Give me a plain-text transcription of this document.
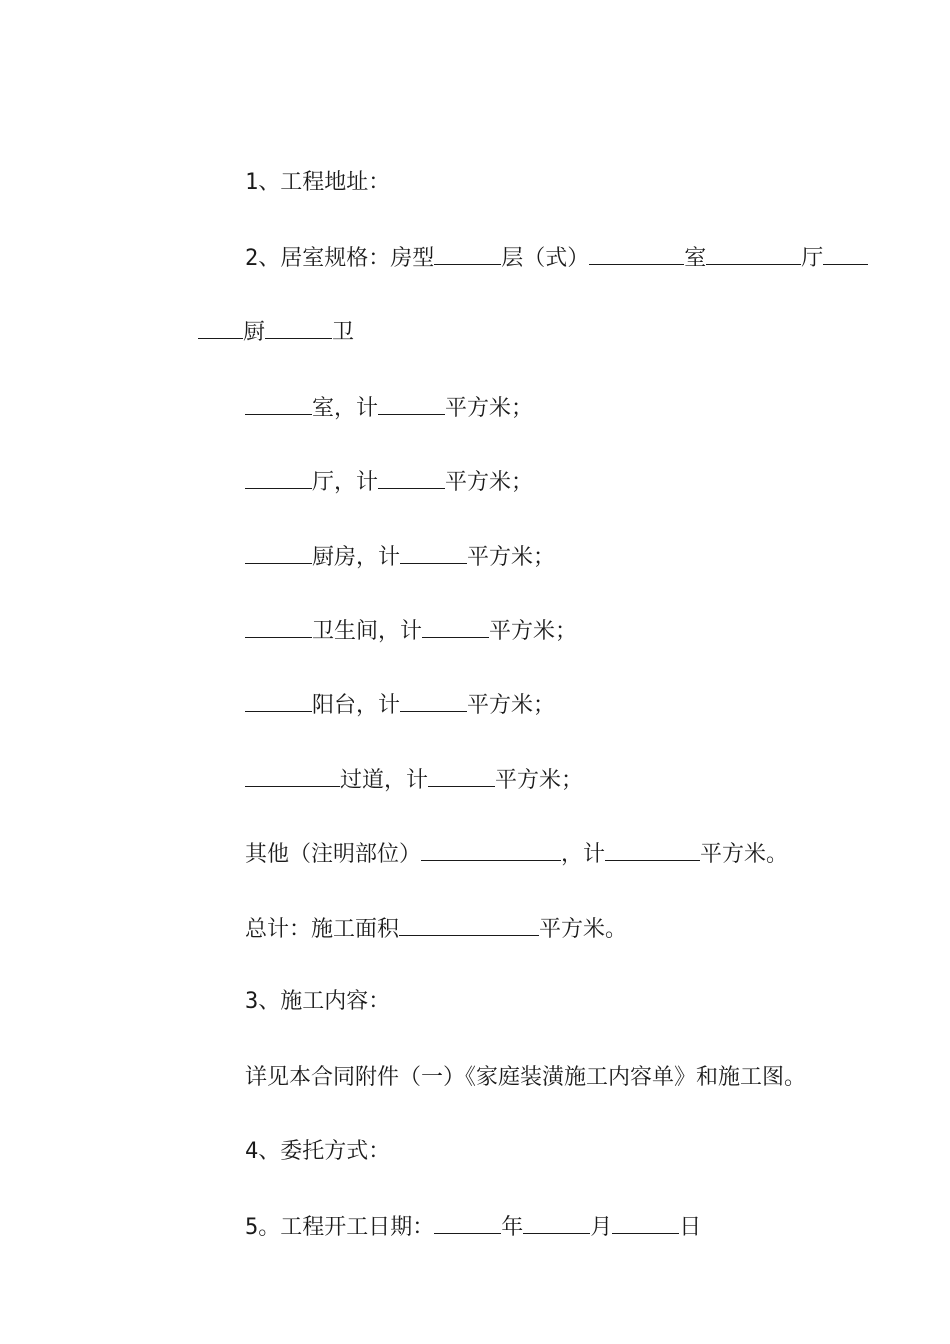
1、工程地址：

2、居室规格：房型	层（式）	室	厅

厨	卫

室，计	平方米；

厅，计	平方米；

厨房，计	平方米；

卫生间，计	平方米；

阳台，计	平方米；

过道，计	平方米；

其他（注明部位）	，计	平方米。

总计：施工面积	平方米。

3、施工内容：

详见本合同附件（一）《家庭装潢施工内容单》和施工图。

4、委托方式：

5。工程开工日期：	年	月	日
